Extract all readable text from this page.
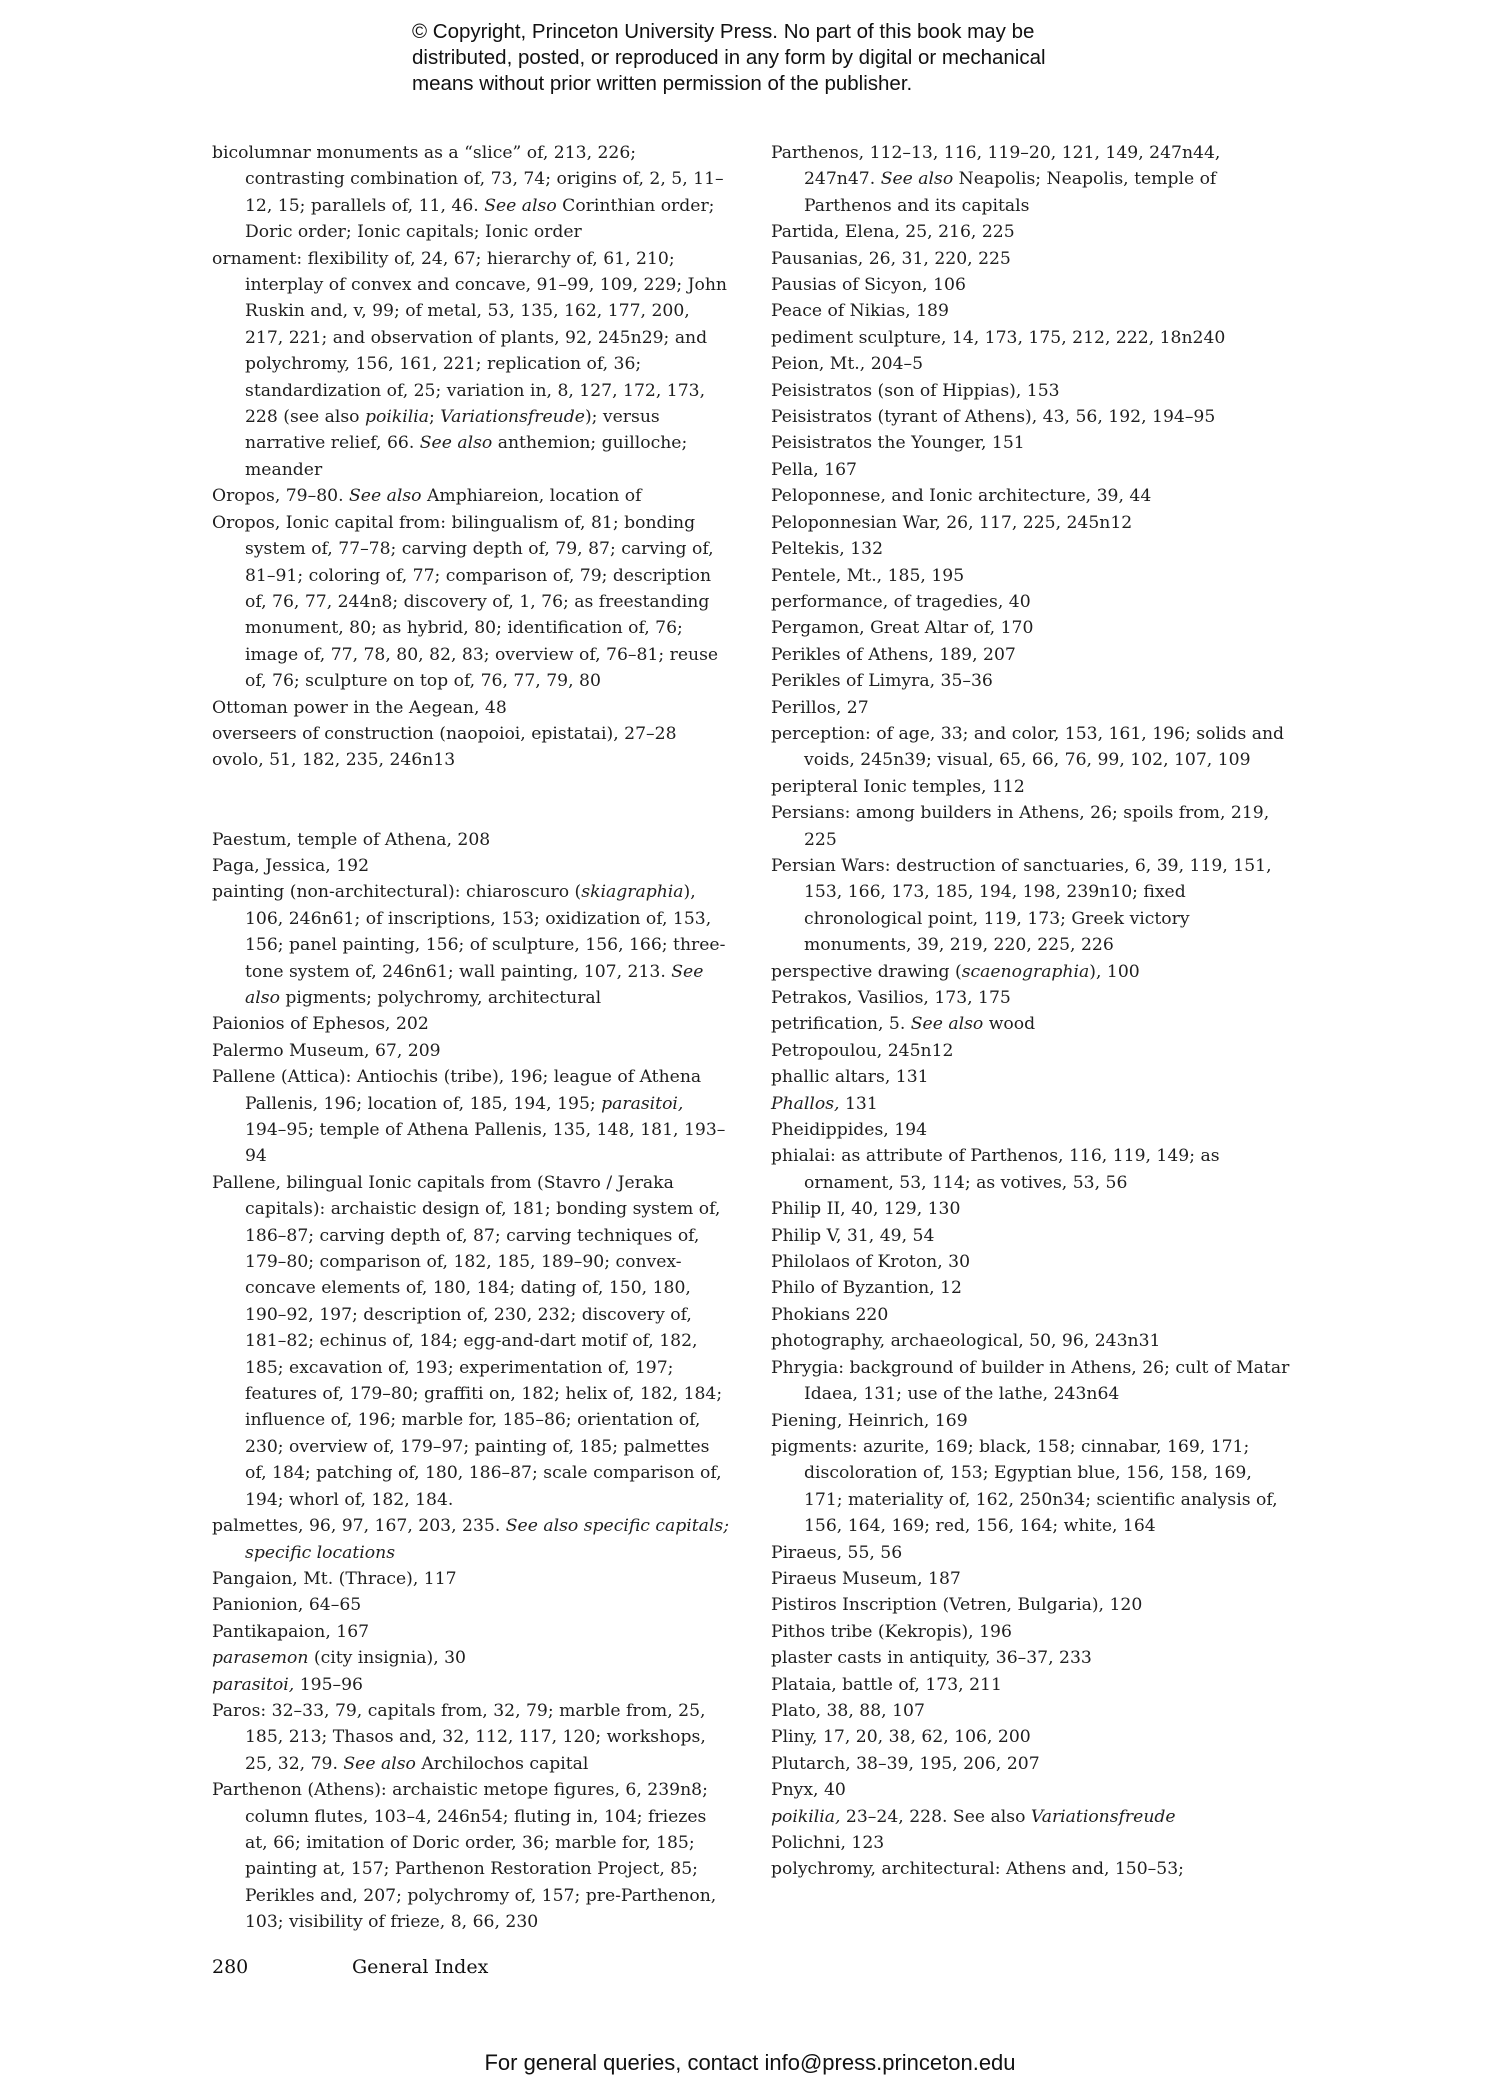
© Copyright, Princeton University Press. No part of this book may be
distributed, posted, or reproduced in any form by digital or mechanical
means without prior written permission of the publisher.
bicolumnar monuments as a “slice” of, 213, 226; contrasting combination of, 73, 74; origins of, 2, 5, 11–12, 15; parallels of, 11, 46. See also Corinthian order; Doric order; Ionic capitals; Ionic order
ornament: flexibility of, 24, 67; hierarchy of, 61, 210; interplay of convex and concave, 91–99, 109, 229; John Ruskin and, v, 99; of metal, 53, 135, 162, 177, 200, 217, 221; and observation of plants, 92, 245n29; and polychromy, 156, 161, 221; replication of, 36; standardization of, 25; variation in, 8, 127, 172, 173, 228 (see also poikilia; Variationsfreude); versus narrative relief, 66. See also anthemion; guilloche; meander
Oropos, 79–80. See also Amphiareion, location of
Oropos, Ionic capital from: bilingualism of, 81; bonding system of, 77–78; carving depth of, 79, 87; carving of, 81–91; coloring of, 77; comparison of, 79; description of, 76, 77, 244n8; discovery of, 1, 76; as freestanding monument, 80; as hybrid, 80; identification of, 76; image of, 77, 78, 80, 82, 83; overview of, 76–81; reuse of, 76; sculpture on top of, 76, 77, 79, 80
Ottoman power in the Aegean, 48
overseers of construction (naopoioi, epistatai), 27–28
ovolo, 51, 182, 235, 246n13
Paestum, temple of Athena, 208
Paga, Jessica, 192
painting (non-architectural): chiaroscuro (skiagraphia), 106, 246n61; of inscriptions, 153; oxidization of, 153, 156; panel painting, 156; of sculpture, 156, 166; three-tone system of, 246n61; wall painting, 107, 213. See also pigments; polychromy, architectural
Paionios of Ephesos, 202
Palermo Museum, 67, 209
Pallene (Attica): Antiochis (tribe), 196; league of Athena Pallenis, 196; location of, 185, 194, 195; parasitoi, 194–95; temple of Athena Pallenis, 135, 148, 181, 193–94
Pallene, bilingual Ionic capitals from (Stavro / Jeraka capitals): archaistic design of, 181; bonding system of, 186–87; carving depth of, 87; carving techniques of, 179–80; comparison of, 182, 185, 189–90; convex-concave elements of, 180, 184; dating of, 150, 180, 190–92, 197; description of, 230, 232; discovery of, 181–82; echinus of, 184; egg-and-dart motif of, 182, 185; excavation of, 193; experimentation of, 197; features of, 179–80; graffiti on, 182; helix of, 182, 184; influence of, 196; marble for, 185–86; orientation of, 230; overview of, 179–97; painting of, 185; palmettes of, 184; patching of, 180, 186–87; scale comparison of, 194; whorl of, 182, 184.
palmettes, 96, 97, 167, 203, 235. See also specific capitals; specific locations
Pangaion, Mt. (Thrace), 117
Panionion, 64–65
Pantikapaion, 167
parasemon (city insignia), 30
parasitoi, 195–96
Paros: 32–33, 79, capitals from, 32, 79; marble from, 25, 185, 213; Thasos and, 32, 112, 117, 120; workshops, 25, 32, 79. See also Archilochos capital
Parthenon (Athens): archaistic metope figures, 6, 239n8; column flutes, 103–4, 246n54; fluting in, 104; friezes at, 66; imitation of Doric order, 36; marble for, 185; painting at, 157; Parthenon Restoration Project, 85; Perikles and, 207; polychromy of, 157; pre-Parthenon, 103; visibility of frieze, 8, 66, 230
Parthenos, 112–13, 116, 119–20, 121, 149, 247n44, 247n47. See also Neapolis; Neapolis, temple of Parthenos and its capitals
Partida, Elena, 25, 216, 225
Pausanias, 26, 31, 220, 225
Pausias of Sicyon, 106
Peace of Nikias, 189
pediment sculpture, 14, 173, 175, 212, 222, 18n240
Peion, Mt., 204–5
Peisistratos (son of Hippias), 153
Peisistratos (tyrant of Athens), 43, 56, 192, 194–95
Peisistratos the Younger, 151
Pella, 167
Peloponnese, and Ionic architecture, 39, 44
Peloponnesian War, 26, 117, 225, 245n12
Peltekis, 132
Pentele, Mt., 185, 195
performance, of tragedies, 40
Pergamon, Great Altar of, 170
Perikles of Athens, 189, 207
Perikles of Limyra, 35–36
Perillos, 27
perception: of age, 33; and color, 153, 161, 196; solids and voids, 245n39; visual, 65, 66, 76, 99, 102, 107, 109
peripteral Ionic temples, 112
Persians: among builders in Athens, 26; spoils from, 219, 225
Persian Wars: destruction of sanctuaries, 6, 39, 119, 151, 153, 166, 173, 185, 194, 198, 239n10; fixed chronological point, 119, 173; Greek victory monuments, 39, 219, 220, 225, 226
perspective drawing (scaenographia), 100
Petrakos, Vasilios, 173, 175
petrification, 5. See also wood
Petropoulou, 245n12
phallic altars, 131
Phallos, 131
Pheidippides, 194
phialai: as attribute of Parthenos, 116, 119, 149; as ornament, 53, 114; as votives, 53, 56
Philip II, 40, 129, 130
Philip V, 31, 49, 54
Philolaos of Kroton, 30
Philo of Byzantion, 12
Phokians 220
photography, archaeological, 50, 96, 243n31
Phrygia: background of builder in Athens, 26; cult of Matar Idaea, 131; use of the lathe, 243n64
Piening, Heinrich, 169
pigments: azurite, 169; black, 158; cinnabar, 169, 171; discoloration of, 153; Egyptian blue, 156, 158, 169, 171; materiality of, 162, 250n34; scientific analysis of, 156, 164, 169; red, 156, 164; white, 164
Piraeus, 55, 56
Piraeus Museum, 187
Pistiros Inscription (Vetren, Bulgaria), 120
Pithos tribe (Kekropis), 196
plaster casts in antiquity, 36–37, 233
Plataia, battle of, 173, 211
Plato, 38, 88, 107
Pliny, 17, 20, 38, 62, 106, 200
Plutarch, 38–39, 195, 206, 207
Pnyx, 40
poikilia, 23–24, 228. See also Variationsfreude
Polichni, 123
polychromy, architectural: Athens and, 150–53;
280	General Index
For general queries, contact info@press.princeton.edu
